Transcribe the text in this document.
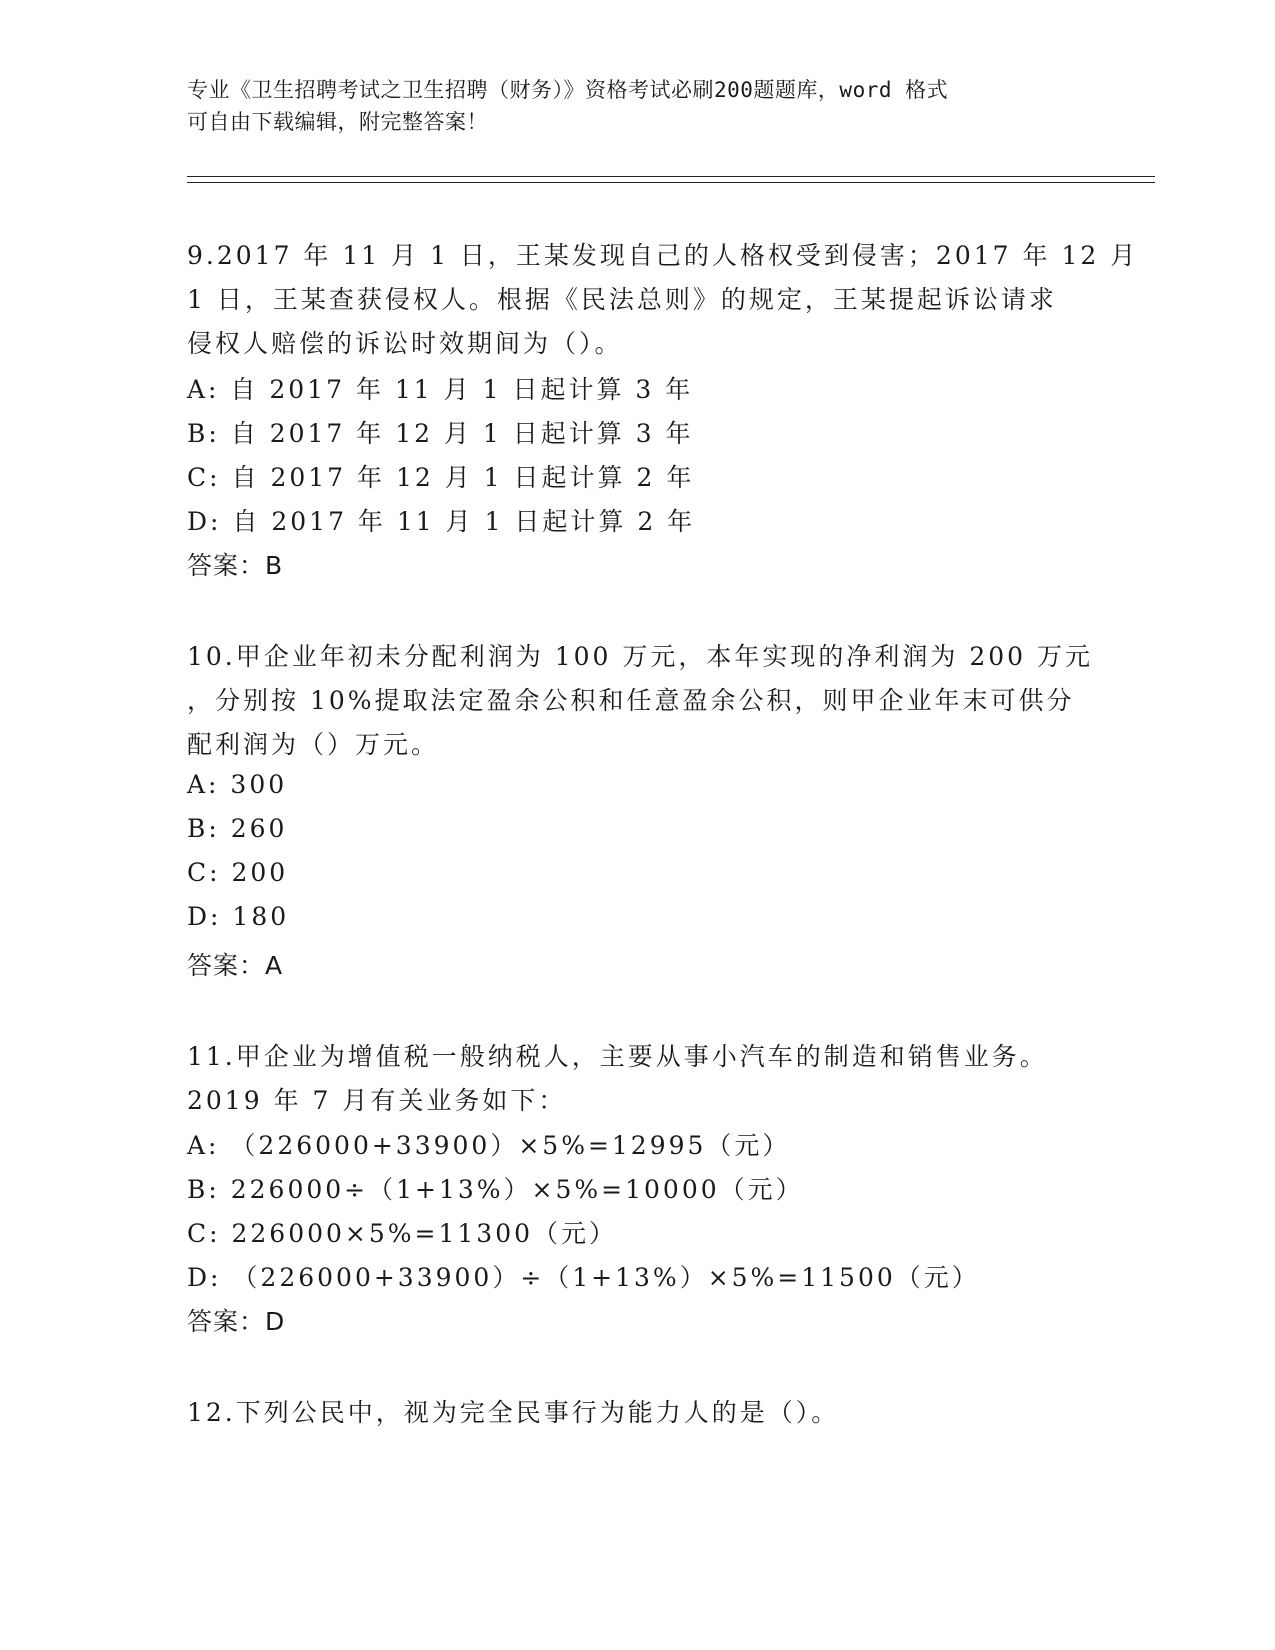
专业《卫生招聘考试之卫生招聘（财务）》资格考试必刷200题题库，word 格式
可自由下载编辑，附完整答案！
9.2017 年 11 月 1 日，王某发现自己的人格权受到侵害；2017 年 12 月
1 日，王某查获侵权人。根据《民法总则》的规定，王某提起诉讼请求
侵权人赔偿的诉讼时效期间为（）。
A: 自 2017 年 11 月 1 日起计算 3 年
B: 自 2017 年 12 月 1 日起计算 3 年
C: 自 2017 年 12 月 1 日起计算 2 年
D: 自 2017 年 11 月 1 日起计算 2 年
答案：B
10.甲企业年初未分配利润为 100 万元，本年实现的净利润为 200 万元
，分别按 10%提取法定盈余公积和任意盈余公积，则甲企业年末可供分
配利润为（）万元。
A: 300
B: 260
C: 200
D: 180
答案：A
11.甲企业为增值税一般纳税人，主要从事小汽车的制造和销售业务。
2019 年 7 月有关业务如下：
A: （226000+33900）×5%=12995（元）
B: 226000÷（1+13%）×5%=10000（元）
C: 226000×5%=11300（元）
D: （226000+33900）÷（1+13%）×5%=11500（元）
答案：D
12.下列公民中，视为完全民事行为能力人的是（）。
